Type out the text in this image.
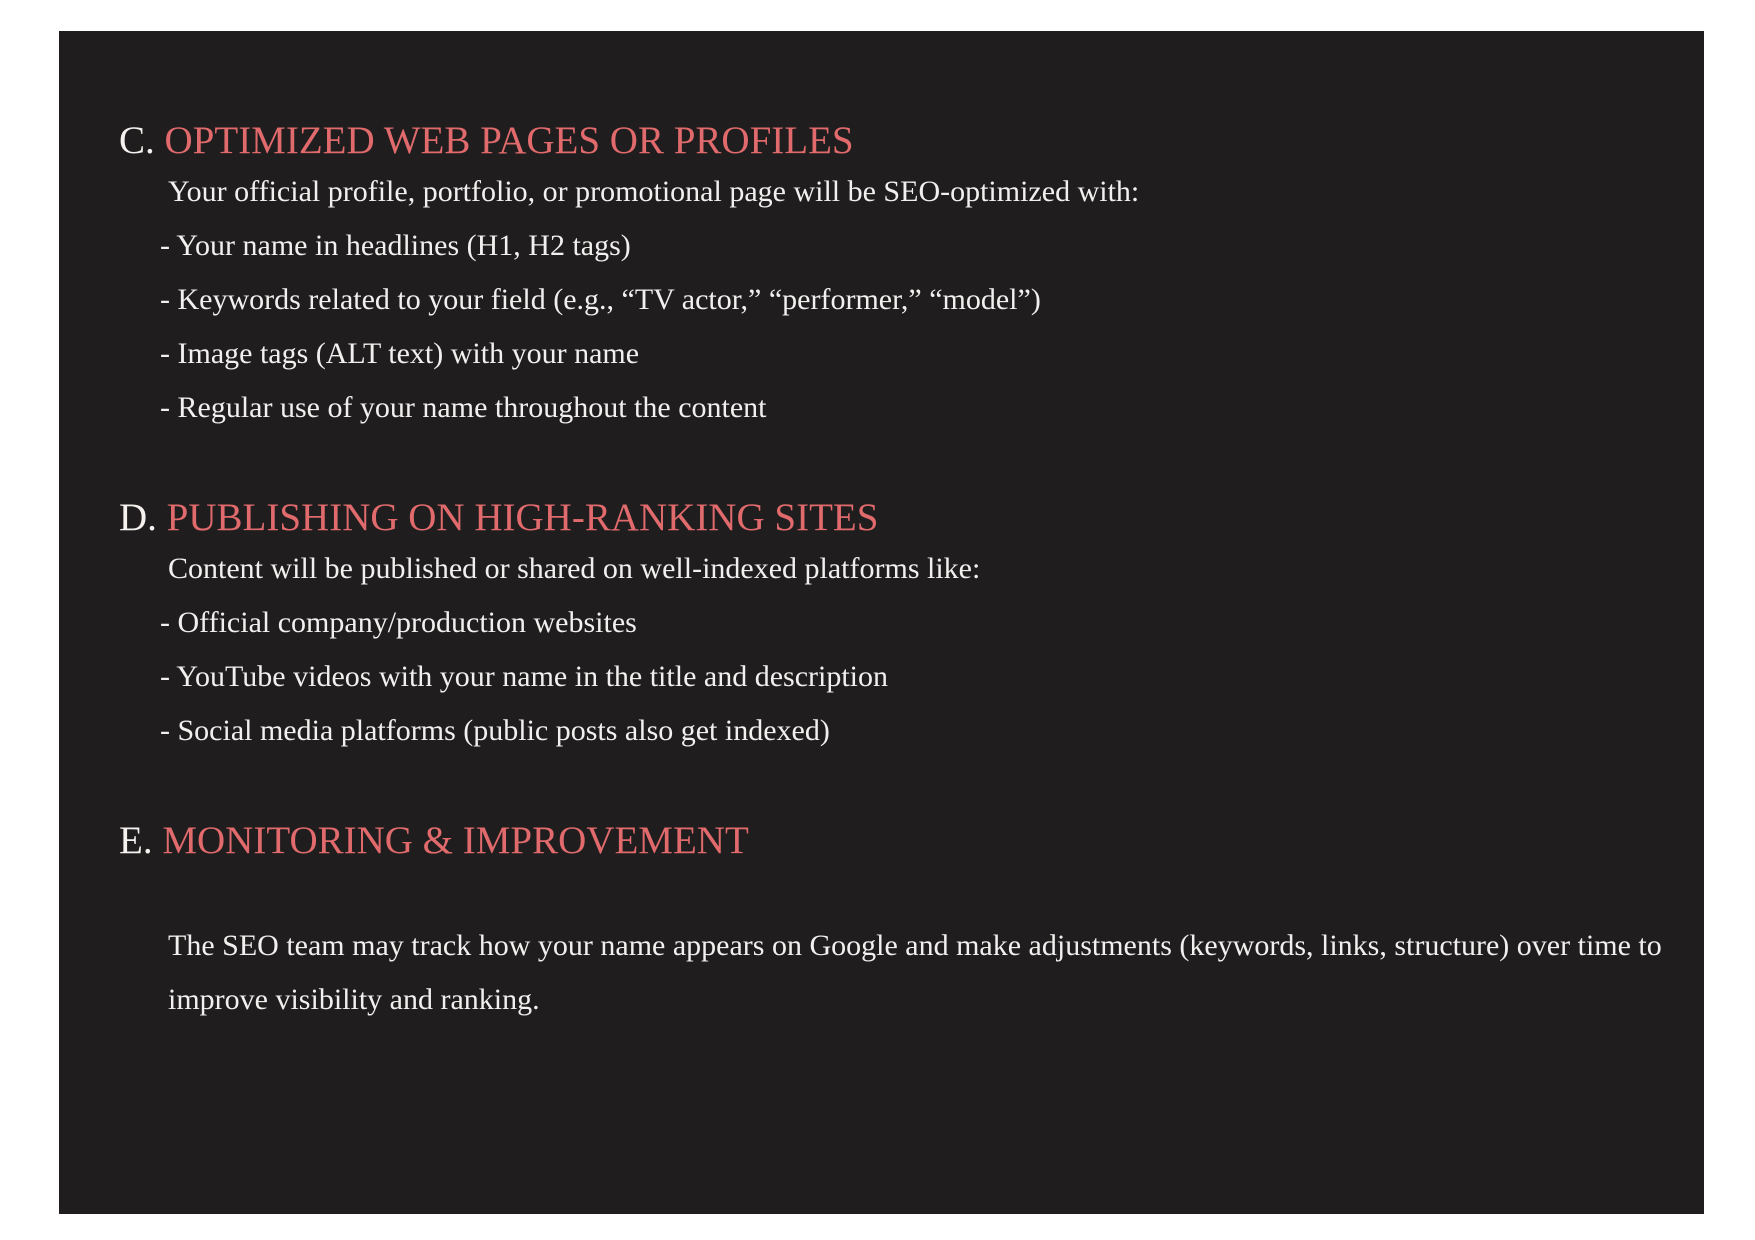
C. OPTIMIZED WEB PAGES OR PROFILES

Your official profile, portfolio, or promotional page will be SEO-optimized with:

- Your name in headlines (H1, H2 tags)
- Keywords related to your field (e.g., “TV actor,” “performer,” “model”)
- Image tags (ALT text) with your name
- Regular use of your name throughout the content
D. PUBLISHING ON HIGH-RANKING SITES

Content will be published or shared on well-indexed platforms like:

- Official company/production websites
- YouTube videos with your name in the title and description
- Social media platforms (public posts also get indexed)
E. MONITORING & IMPROVEMENT

The SEO team may track how your name appears on Google and make adjustments (keywords, links, structure) over time to improve visibility and ranking.
